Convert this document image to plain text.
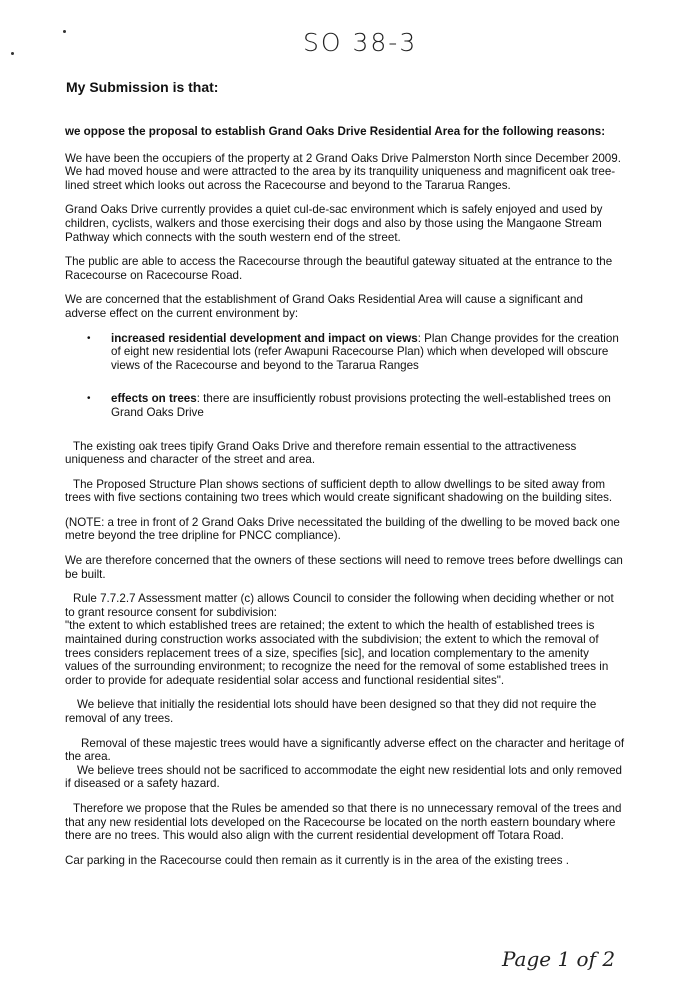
SO 38-3
My Submission is that:

we oppose the proposal to establish Grand Oaks Drive Residential Area for the following reasons:

We have been the occupiers of the property at 2 Grand Oaks Drive Palmerston North since December 2009. We had moved house and were attracted to the area by its tranquility uniqueness and magnificent oak tree-lined street which looks out across the Racecourse and beyond to the Tararua Ranges.

Grand Oaks Drive currently provides a quiet cul-de-sac environment which is safely enjoyed and used by children, cyclists, walkers and those exercising their dogs and also by those using the Mangaone Stream Pathway which connects with the south western end of the street.

The public are able to access the Racecourse through the beautiful gateway situated at the entrance to the Racecourse on Racecourse Road.

We are concerned that the establishment of Grand Oaks Residential Area will cause a significant and adverse effect on the current environment by:

• increased residential development and impact on views: Plan Change provides for the creation of eight new residential lots (refer Awapuni Racecourse Plan) which when developed will obscure views of the Racecourse and beyond to the Tararua Ranges
• effects on trees: there are insufficiently robust provisions protecting the well-established trees on Grand Oaks Drive

The existing oak trees tipify Grand Oaks Drive and therefore remain essential to the attractiveness uniqueness and character of the street and area.

The Proposed Structure Plan shows sections of sufficient depth to allow dwellings to be sited away from trees with five sections containing two trees which would create significant shadowing on the building sites.

(NOTE: a tree in front of 2 Grand Oaks Drive necessitated the building of the dwelling to be moved back one metre beyond the tree dripline for PNCC compliance).

We are therefore concerned that the owners of these sections will need to remove trees before dwellings can be built.

Rule 7.7.2.7 Assessment matter (c) allows Council to consider the following when deciding whether or not to grant resource consent for subdivision:

"the extent to which established trees are retained; the extent to which the health of established trees is maintained during construction works associated with the subdivision; the extent to which the removal of trees considers replacement trees of a size, specifies [sic], and location complementary to the amenity values of the surrounding environment; to recognize the need for the removal of some established trees in order to provide for adequate residential solar access and functional residential sites".

We believe that initially the residential lots should have been designed so that they did not require the removal of any trees.

Removal of these majestic trees would have a significantly adverse effect on the character and heritage of the area.

We believe trees should not be sacrificed to accommodate the eight new residential lots and only removed if diseased or a safety hazard.

Therefore we propose that the Rules be amended so that there is no unnecessary removal of the trees and that any new residential lots developed on the Racecourse be located on the north eastern boundary where there are no trees. This would also align with the current residential development off Totara Road.

Car parking in the Racecourse could then remain as it currently is in the area of the existing trees .

Page 1 of 2
